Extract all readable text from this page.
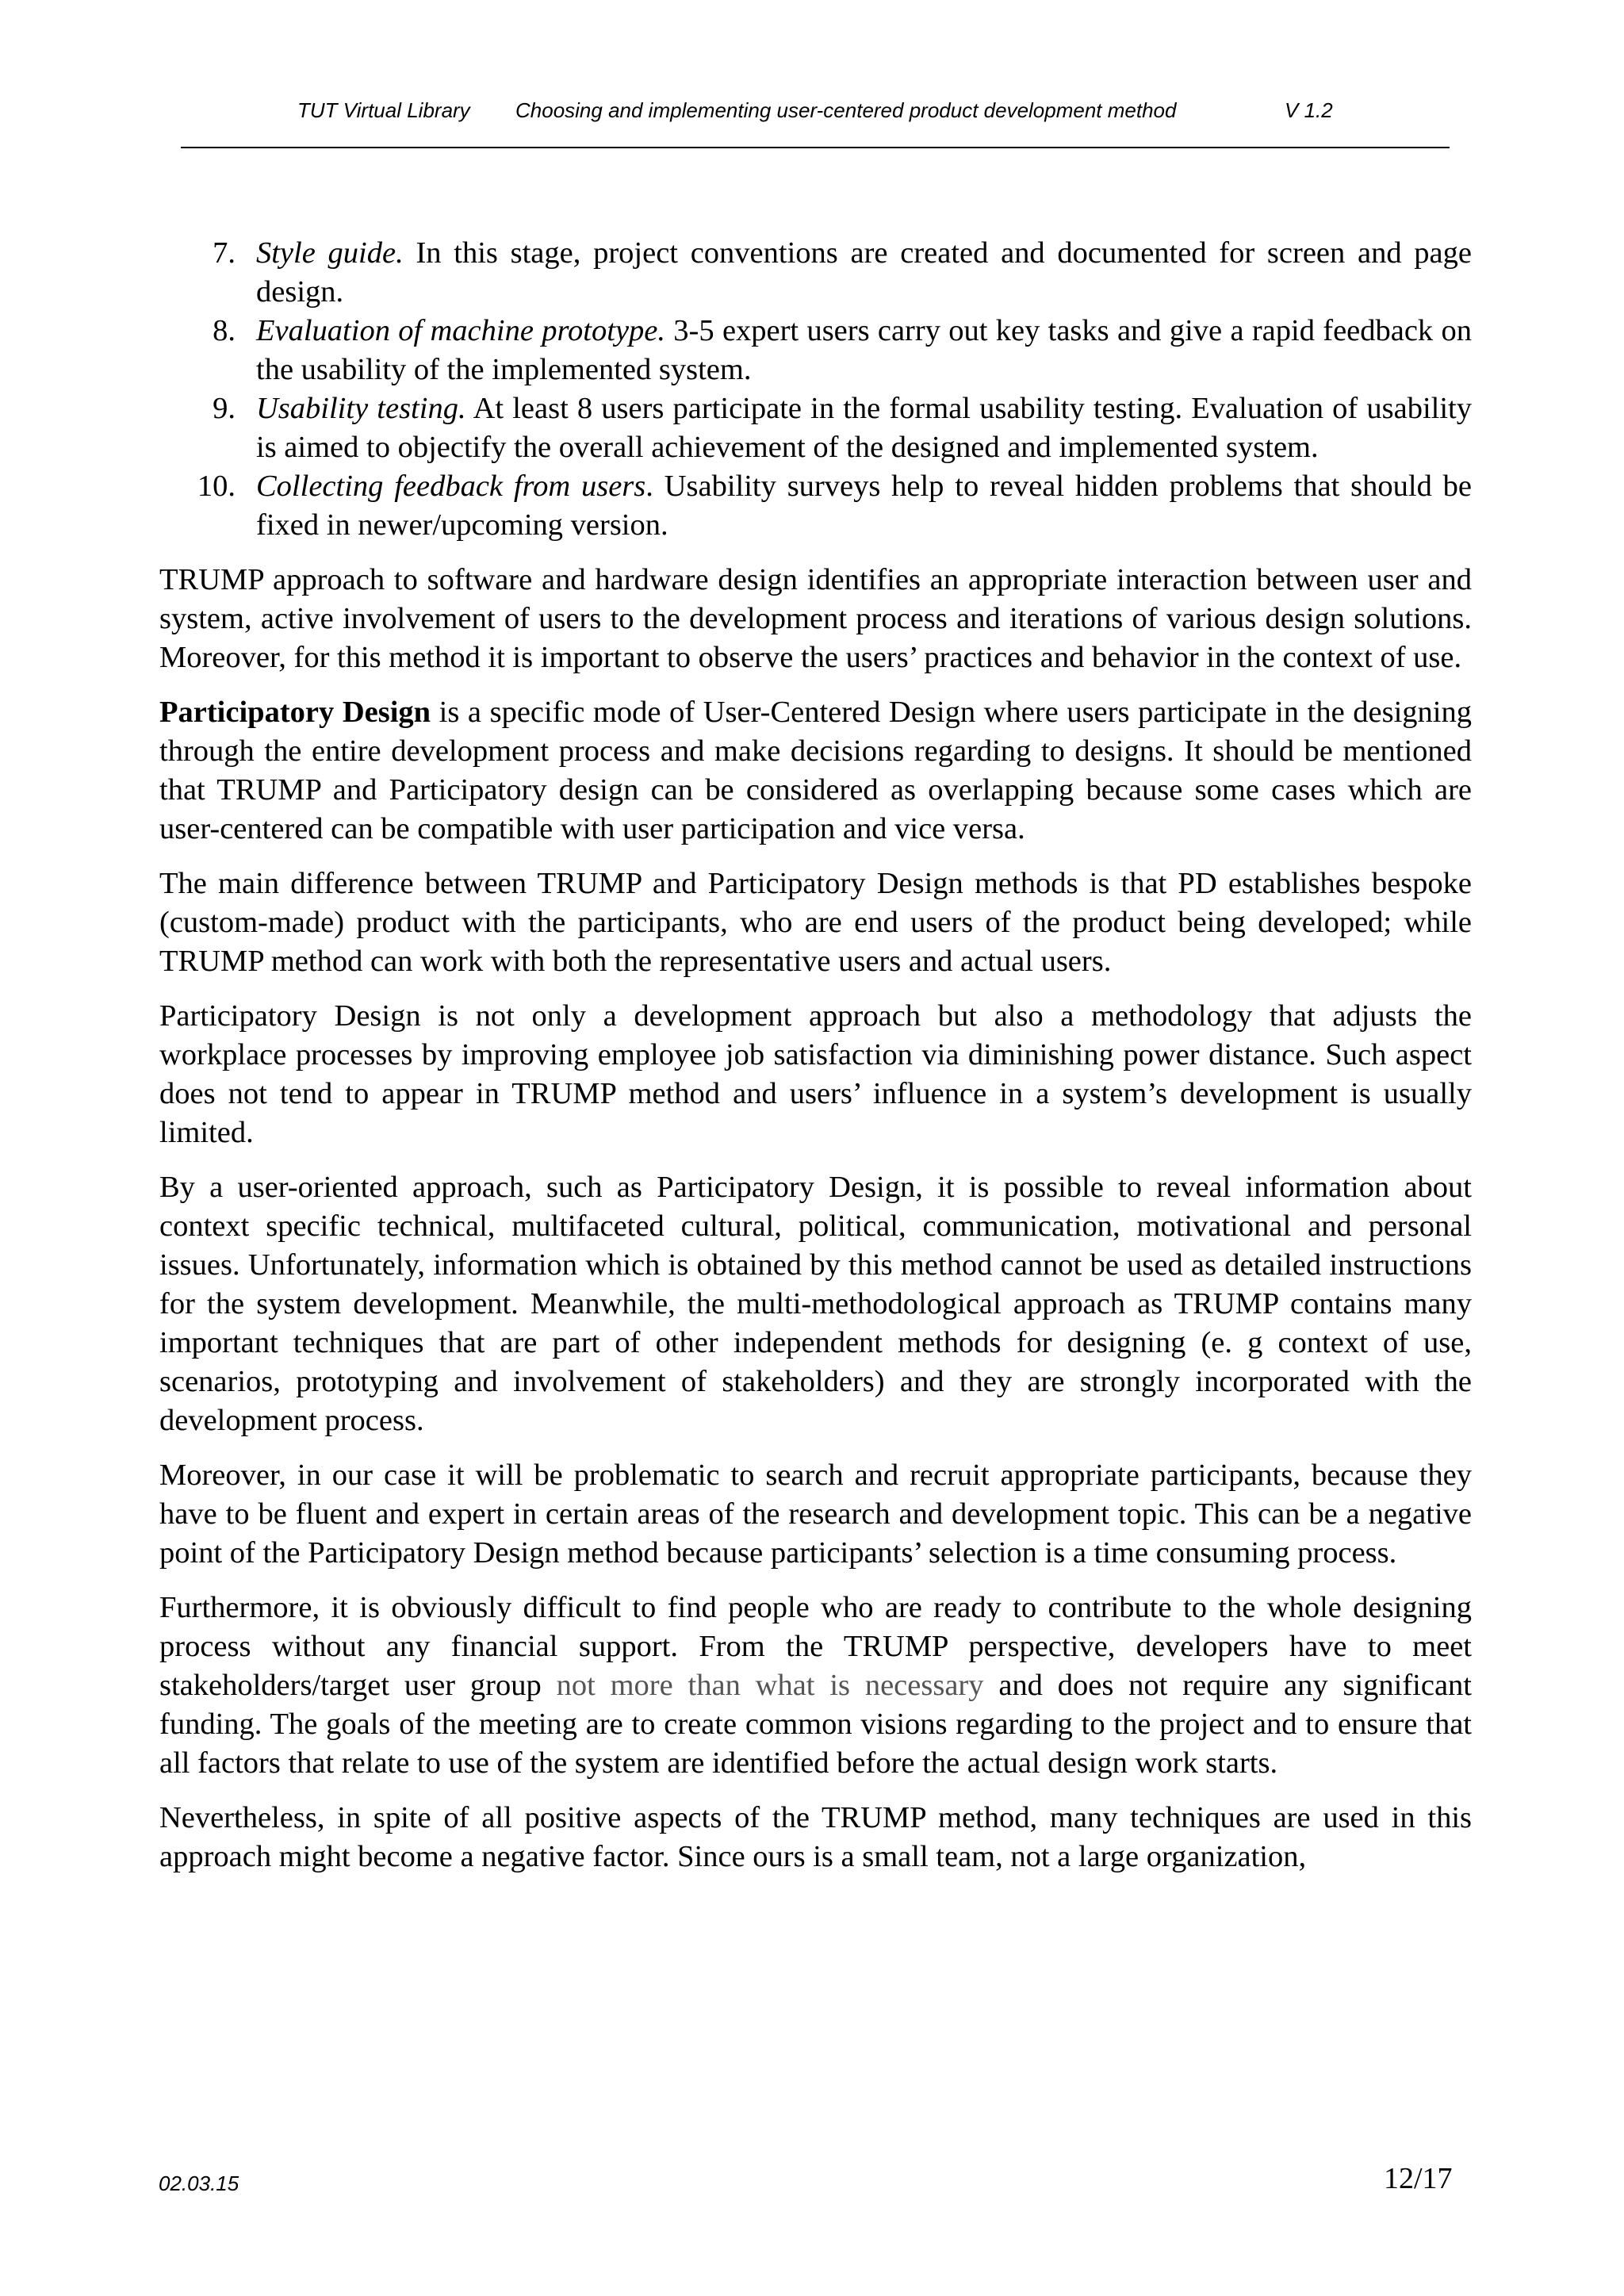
TUT Virtual Library Choosing and implementing user-centered product development method	V 1.2
7. Style guide. In this stage, project conventions are created and documented for screen and page design.
8. Evaluation of machine prototype. 3-5 expert users carry out key tasks and give a rapid feedback on the usability of the implemented system.
9. Usability testing. At least 8 users participate in the formal usability testing. Evaluation of usability is aimed to objectify the overall achievement of the designed and implemented system.
10. Collecting feedback from users. Usability surveys help to reveal hidden problems that should be fixed in newer/upcoming version.

TRUMP approach to software and hardware design identifies an appropriate interaction between user and system, active involvement of users to the development process and iterations of various design solutions. Moreover, for this method it is important to observe the users’ practices and behavior in the context of use.

Participatory Design is a specific mode of User-Centered Design where users participate in the designing through the entire development process and make decisions regarding to designs. It should be mentioned that TRUMP and Participatory design can be considered as overlapping because some cases which are user-centered can be compatible with user participation and vice versa.

The main difference between TRUMP and Participatory Design methods is that PD establishes bespoke (custom-made) product with the participants, who are end users of the product being developed; while TRUMP method can work with both the representative users and actual users.

Participatory Design is not only a development approach but also a methodology that adjusts the workplace processes by improving employee job satisfaction via diminishing power distance. Such aspect does not tend to appear in TRUMP method and users’ influence in a system’s development is usually limited.

By a user-oriented approach, such as Participatory Design, it is possible to reveal information about context specific technical, multifaceted cultural, political, communication, motivational and personal issues. Unfortunately, information which is obtained by this method cannot be used as detailed instructions for the system development. Meanwhile, the multi-methodological approach as TRUMP contains many important techniques that are part of other independent methods for designing (e. g context of use, scenarios, prototyping and involvement of stakeholders) and they are strongly incorporated with the development process.

Moreover, in our case it will be problematic to search and recruit appropriate participants, because they have to be fluent and expert in certain areas of the research and development topic. This can be a negative point of the Participatory Design method because participants’ selection is a time consuming process.

Furthermore, it is obviously difficult to find people who are ready to contribute to the whole designing process without any financial support. From the TRUMP perspective, developers have to meet stakeholders/target user group not more than what is necessary and does not require any significant funding. The goals of the meeting are to create common visions regarding to the project and to ensure that all factors that relate to use of the system are identified before the actual design work starts.

Nevertheless, in spite of all positive aspects of the TRUMP method, many techniques are used in this approach might become a negative factor. Since ours is a small team, not a large organization,

02.03.15	12/17
